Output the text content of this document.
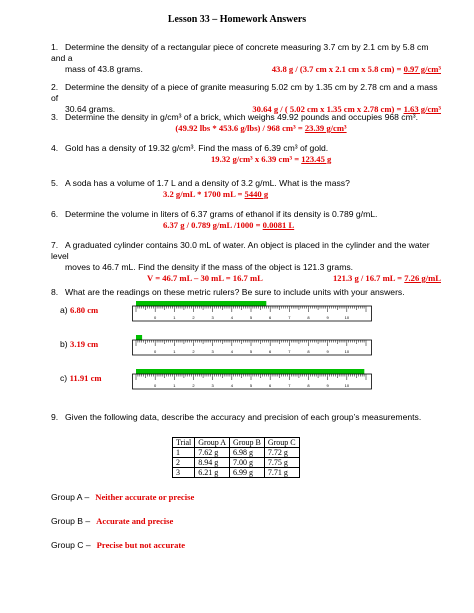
Lesson 33 – Homework Answers
1. Determine the density of a rectangular piece of concrete measuring 3.7 cm by 2.1 cm by 5.8 cm and a
mass of 43.8 grams.	43.8 g / (3.7 cm x 2.1 cm x 5.8 cm) = 0.97 g/cm³
2. Determine the density of a piece of granite measuring 5.02 cm by 1.35 cm by 2.78 cm and a mass of
30.64 grams.	30.64 g / ( 5.02 cm x 1.35 cm x 2.78 cm) = 1.63 g/cm³
3. Determine the density in g/cm³ of a brick, which weighs 49.92 pounds and occupies 968 cm³.
(49.92 lbs * 453.6 g/lbs) / 968 cm³ = 23.39 g/cm³
4. Gold has a density of 19.32 g/cm³. Find the mass of 6.39 cm³ of gold.
19.32 g/cm³ x 6.39 cm³ = 123.45 g
5. A soda has a volume of 1.7 L and a density of 3.2 g/mL. What is the mass?
3.2 g/mL * 1700 mL = 5440 g
6. Determine the volume in liters of 6.37 grams of ethanol if its density is 0.789 g/mL.
6.37 g / 0.789 g/mL /1000 = 0.0081 L
7. A graduated cylinder contains 30.0 mL of water. An object is placed in the cylinder and the water level
moves to 46.7 mL. Find the density if the mass of the object is 121.3 grams.
V = 46.7 mL – 30 mL = 16.7 mL	121.3 g / 16.7 mL = 7.26 g/mL
8. What are the readings on these metric rulers? Be sure to include units with your answers.
a) 6.80 cm
0	1	2	3	4	5	6	7	8	9	10
b) 3.19 cm
0	1	2	3	4	5	6	7	8	9	10
c) 11.91 cm
0	1	2	3	4	5	6	7	8	9	10
9. Given the following data, describe the accuracy and precision of each group’s measurements.
Trial	Group A	Group B	Group C
1	7.62 g	6.98 g	7.72 g
2	8.94 g	7.00 g	7.75 g
3	6.21 g	6.99 g	7.71 g
Group A – Neither accurate or precise
Group B – Accurate and precise
Group C – Precise but not accurate
